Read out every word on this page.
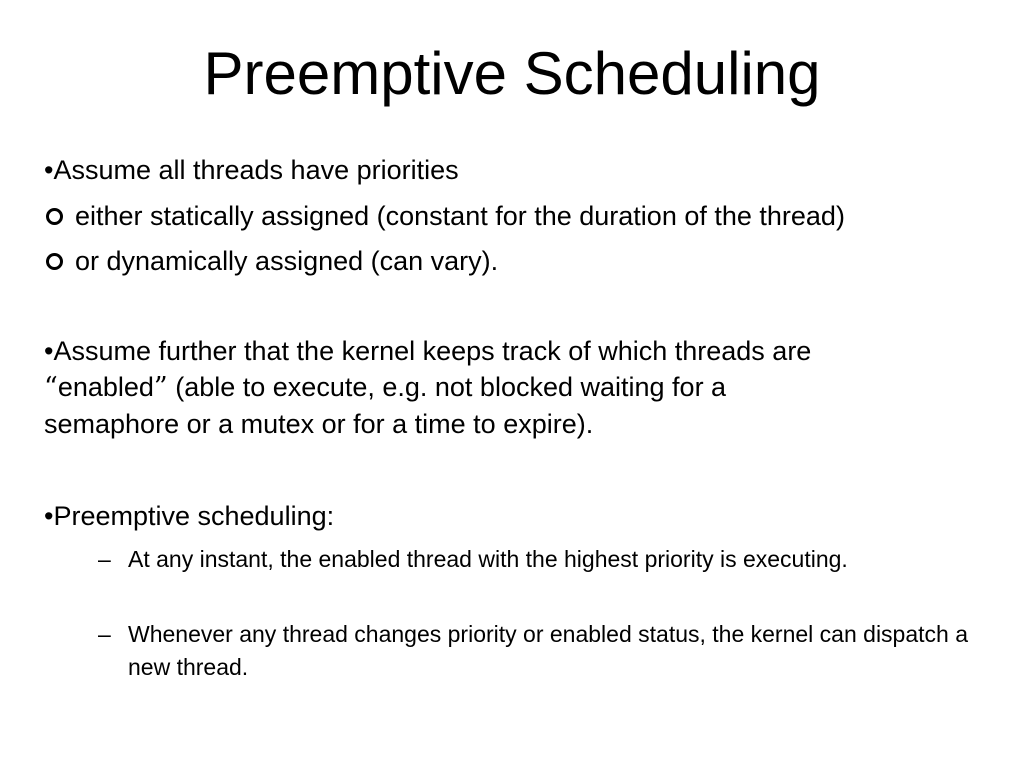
Preemptive Scheduling

•Assume all threads have priorities

either statically assigned (constant for the duration of the thread)
or dynamically assigned (can vary).
•Assume further that the kernel keeps track of which threads are
“enabled” (able to execute, e.g. not blocked waiting for a
semaphore or a mutex or for a time to expire).

•Preemptive scheduling:

– At any instant, the enabled thread with the highest priority is executing.
– Whenever any thread changes priority or enabled status, the kernel can dispatch a new thread.
